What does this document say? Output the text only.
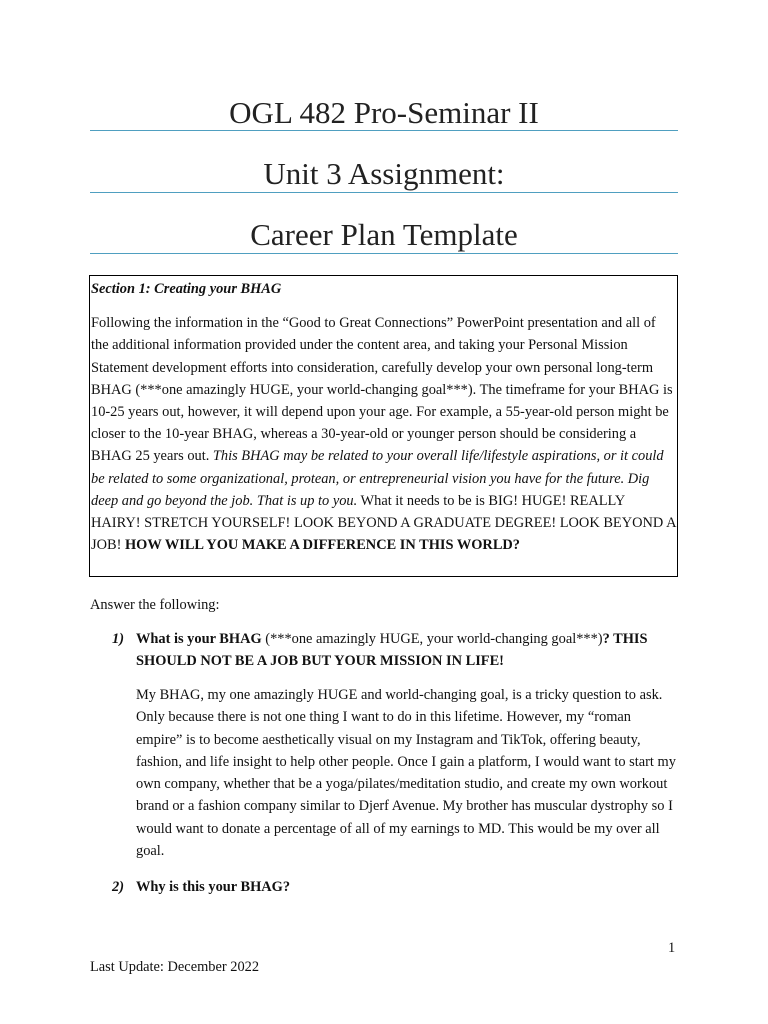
OGL 482 Pro-Seminar II
Unit 3 Assignment:
Career Plan Template

Section 1: Creating your BHAG

Following the information in the “Good to Great Connections” PowerPoint presentation and all of the additional information provided under the content area, and taking your Personal Mission Statement development efforts into consideration, carefully develop your own personal long-term BHAG (***one amazingly HUGE, your world-changing goal***). The timeframe for your BHAG is 10-25 years out, however, it will depend upon your age. For example, a 55-year-old person might be closer to the 10-year BHAG, whereas a 30-year-old or younger person should be considering a BHAG 25 years out. This BHAG may be related to your overall life/lifestyle aspirations, or it could be related to some organizational, protean, or entrepreneurial vision you have for the future. Dig deep and go beyond the job. That is up to you. What it needs to be is BIG! HUGE! REALLY HAIRY! STRETCH YOURSELF! LOOK BEYOND A GRADUATE DEGREE! LOOK BEYOND A JOB! HOW WILL YOU MAKE A DIFFERENCE IN THIS WORLD?

Answer the following:
1) What is your BHAG (***one amazingly HUGE, your world-changing goal***)? THIS SHOULD NOT BE A JOB BUT YOUR MISSION IN LIFE!
My BHAG, my one amazingly HUGE and world-changing goal, is a tricky question to ask. Only because there is not one thing I want to do in this lifetime. However, my “roman empire” is to become aesthetically visual on my Instagram and TikTok, offering beauty, fashion, and life insight to help other people. Once I gain a platform, I would want to start my own company, whether that be a yoga/pilates/meditation studio, and create my own workout brand or a fashion company similar to Djerf Avenue. My brother has muscular dystrophy so I would want to donate a percentage of all of my earnings to MD. This would be my over all goal.
2) Why is this your BHAG?
1
Last Update: December 2022
